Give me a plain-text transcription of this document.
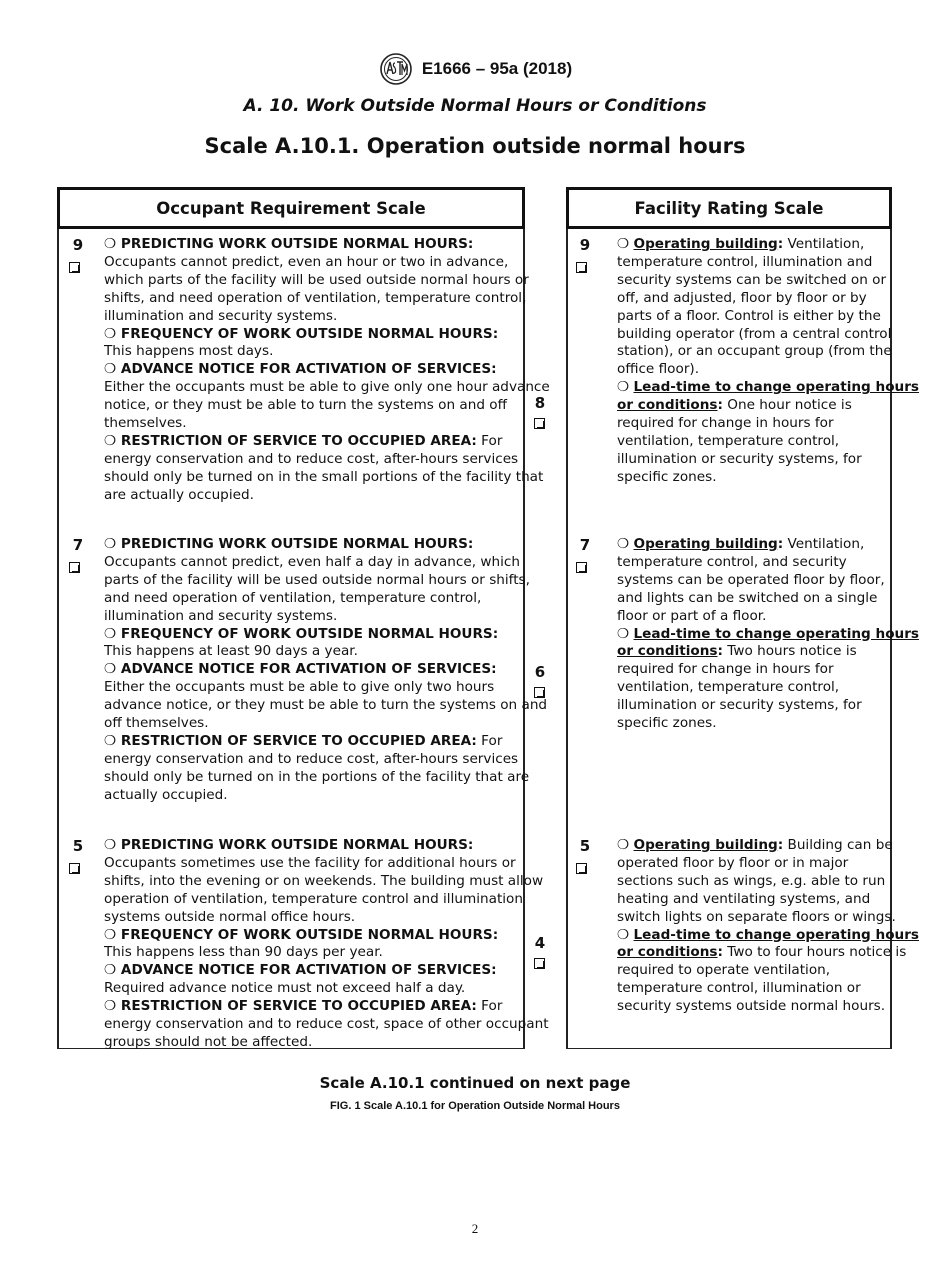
E1666 – 95a (2018)
A. 10. Work Outside Normal Hours or Conditions
Scale A.10.1. Operation outside normal hours
Occupant Requirement Scale	Facility Rating Scale
9
7
5
❍ PREDICTING WORK OUTSIDE NORMAL HOURS:
Occupants cannot predict, even an hour or two in advance,
which parts of the facility will be used outside normal hours or
shifts, and need operation of ventilation, temperature control,
illumination and security systems.
❍ FREQUENCY OF WORK OUTSIDE NORMAL HOURS:
This happens most days.
❍ ADVANCE NOTICE FOR ACTIVATION OF SERVICES:
Either the occupants must be able to give only one hour advance
notice, or they must be able to turn the systems on and off
themselves.
❍ RESTRICTION OF SERVICE TO OCCUPIED AREA: For
energy conservation and to reduce cost, after-hours services
should only be turned on in the small portions of the facility that
are actually occupied.
❍ PREDICTING WORK OUTSIDE NORMAL HOURS:
Occupants cannot predict, even half a day in advance, which
parts of the facility will be used outside normal hours or shifts,
and need operation of ventilation, temperature control,
illumination and security systems.
❍ FREQUENCY OF WORK OUTSIDE NORMAL HOURS:
This happens at least 90 days a year.
❍ ADVANCE NOTICE FOR ACTIVATION OF SERVICES:
Either the occupants must be able to give only two hours
advance notice, or they must be able to turn the systems on and
off themselves.
❍ RESTRICTION OF SERVICE TO OCCUPIED AREA: For
energy conservation and to reduce cost, after-hours services
should only be turned on in the portions of the facility that are
actually occupied.
❍ PREDICTING WORK OUTSIDE NORMAL HOURS:
Occupants sometimes use the facility for additional hours or
shifts, into the evening or on weekends. The building must allow
operation of ventilation, temperature control and illumination
systems outside normal office hours.
❍ FREQUENCY OF WORK OUTSIDE NORMAL HOURS:
This happens less than 90 days per year.
❍ ADVANCE NOTICE FOR ACTIVATION OF SERVICES:
Required advance notice must not exceed half a day.
❍ RESTRICTION OF SERVICE TO OCCUPIED AREA: For
energy conservation and to reduce cost, space of other occupant
groups should not be affected.
8
6
4
9
7
5
❍ Operating building: Ventilation,
temperature control, illumination and
security systems can be switched on or
off, and adjusted, floor by floor or by
parts of a floor. Control is either by the
building operator (from a central control
station), or an occupant group (from the
office floor).
❍ Lead-time to change operating hours
or conditions: One hour notice is
required for change in hours for
ventilation, temperature control,
illumination or security systems, for
specific zones.
❍ Operating building: Ventilation,
temperature control, and security
systems can be operated floor by floor,
and lights can be switched on a single
floor or part of a floor.
❍ Lead-time to change operating hours
or conditions: Two hours notice is
required for change in hours for
ventilation, temperature control,
illumination or security systems, for
specific zones.
❍ Operating building: Building can be
operated floor by floor or in major
sections such as wings, e.g. able to run
heating and ventilating systems, and
switch lights on separate floors or wings.
❍ Lead-time to change operating hours
or conditions: Two to four hours notice is
required to operate ventilation,
temperature control, illumination or
security systems outside normal hours.
Scale A.10.1 continued on next page
FIG. 1 Scale A.10.1 for Operation Outside Normal Hours
2
